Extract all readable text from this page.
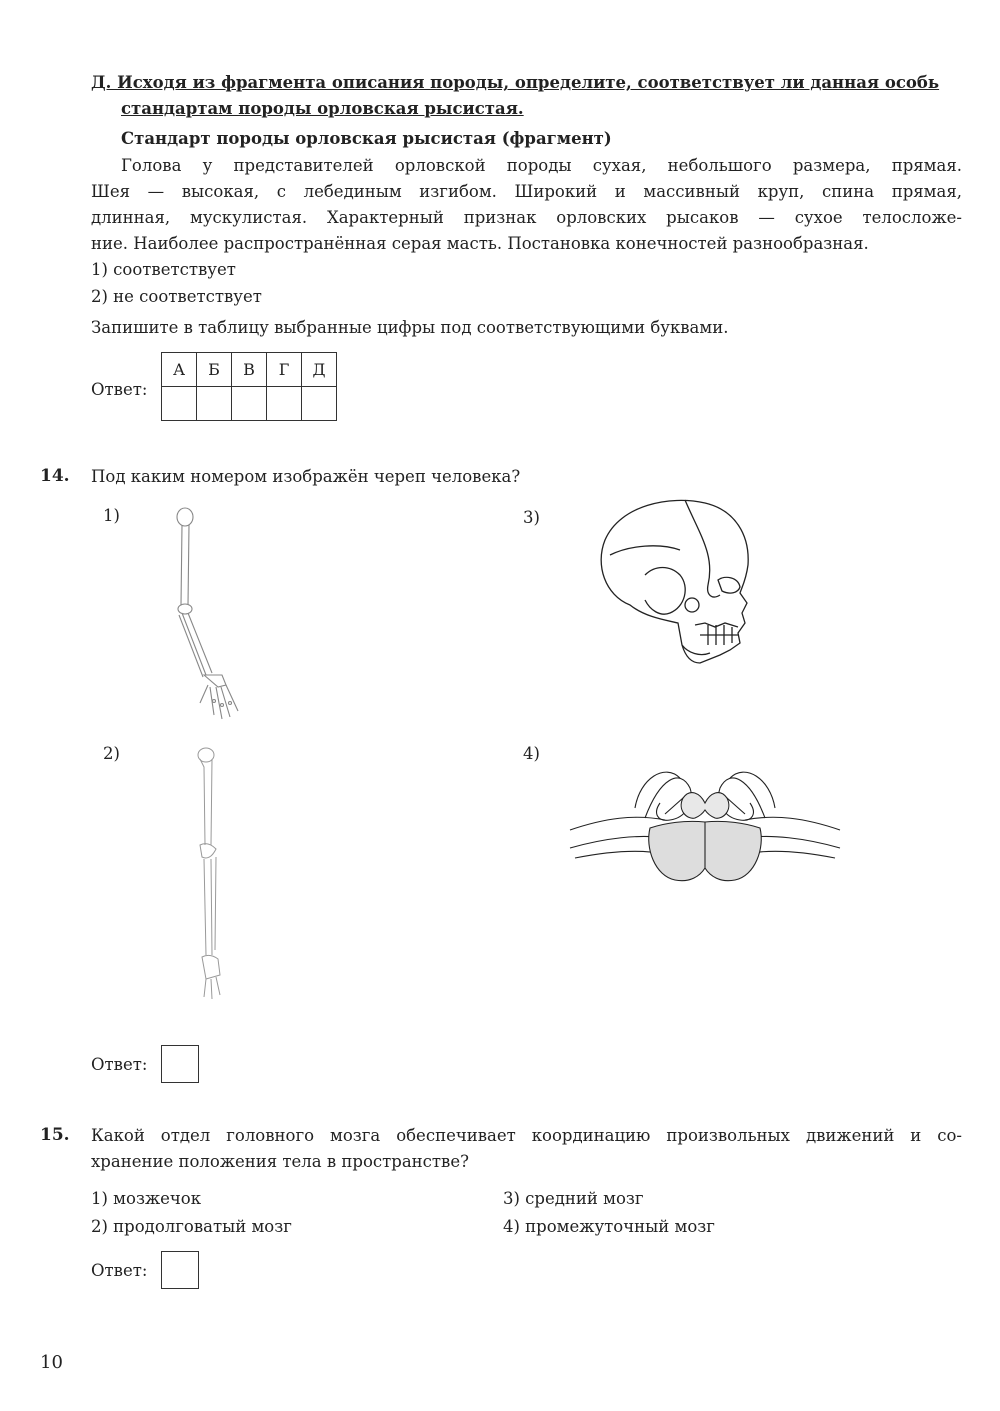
Д. Исходя из фрагмента описания породы, определите, соответствует ли данная особь
стандартам породы орловская рысистая.
Стандарт породы орловская рысистая (фрагмент)
Голова у представителей орловской породы сухая, небольшого размера, прямая.
Шея — высокая, с лебединым изгибом. Широкий и массивный круп, спина прямая,
длинная, мускулистая. Характерный признак орловских рысаков — сухое телосложе-
ние. Наиболее распространённая серая масть. Постановка конечностей разнообразная.
1) соответствует
2) не соответствует
Запишите в таблицу выбранные цифры под соответствующими буквами.
Ответ:
А	Б	В	Г	Д

14. Под каким номером изображён череп человека?
1)	3)
2)	4)
Ответ:
15. Какой отдел головного мозга обеспечивает координацию произвольных движений и со-
хранение положения тела в пространстве?
1) мозжечок
2) продолговатый мозг
3) средний мозг
4) промежуточный мозг
Ответ:
10
